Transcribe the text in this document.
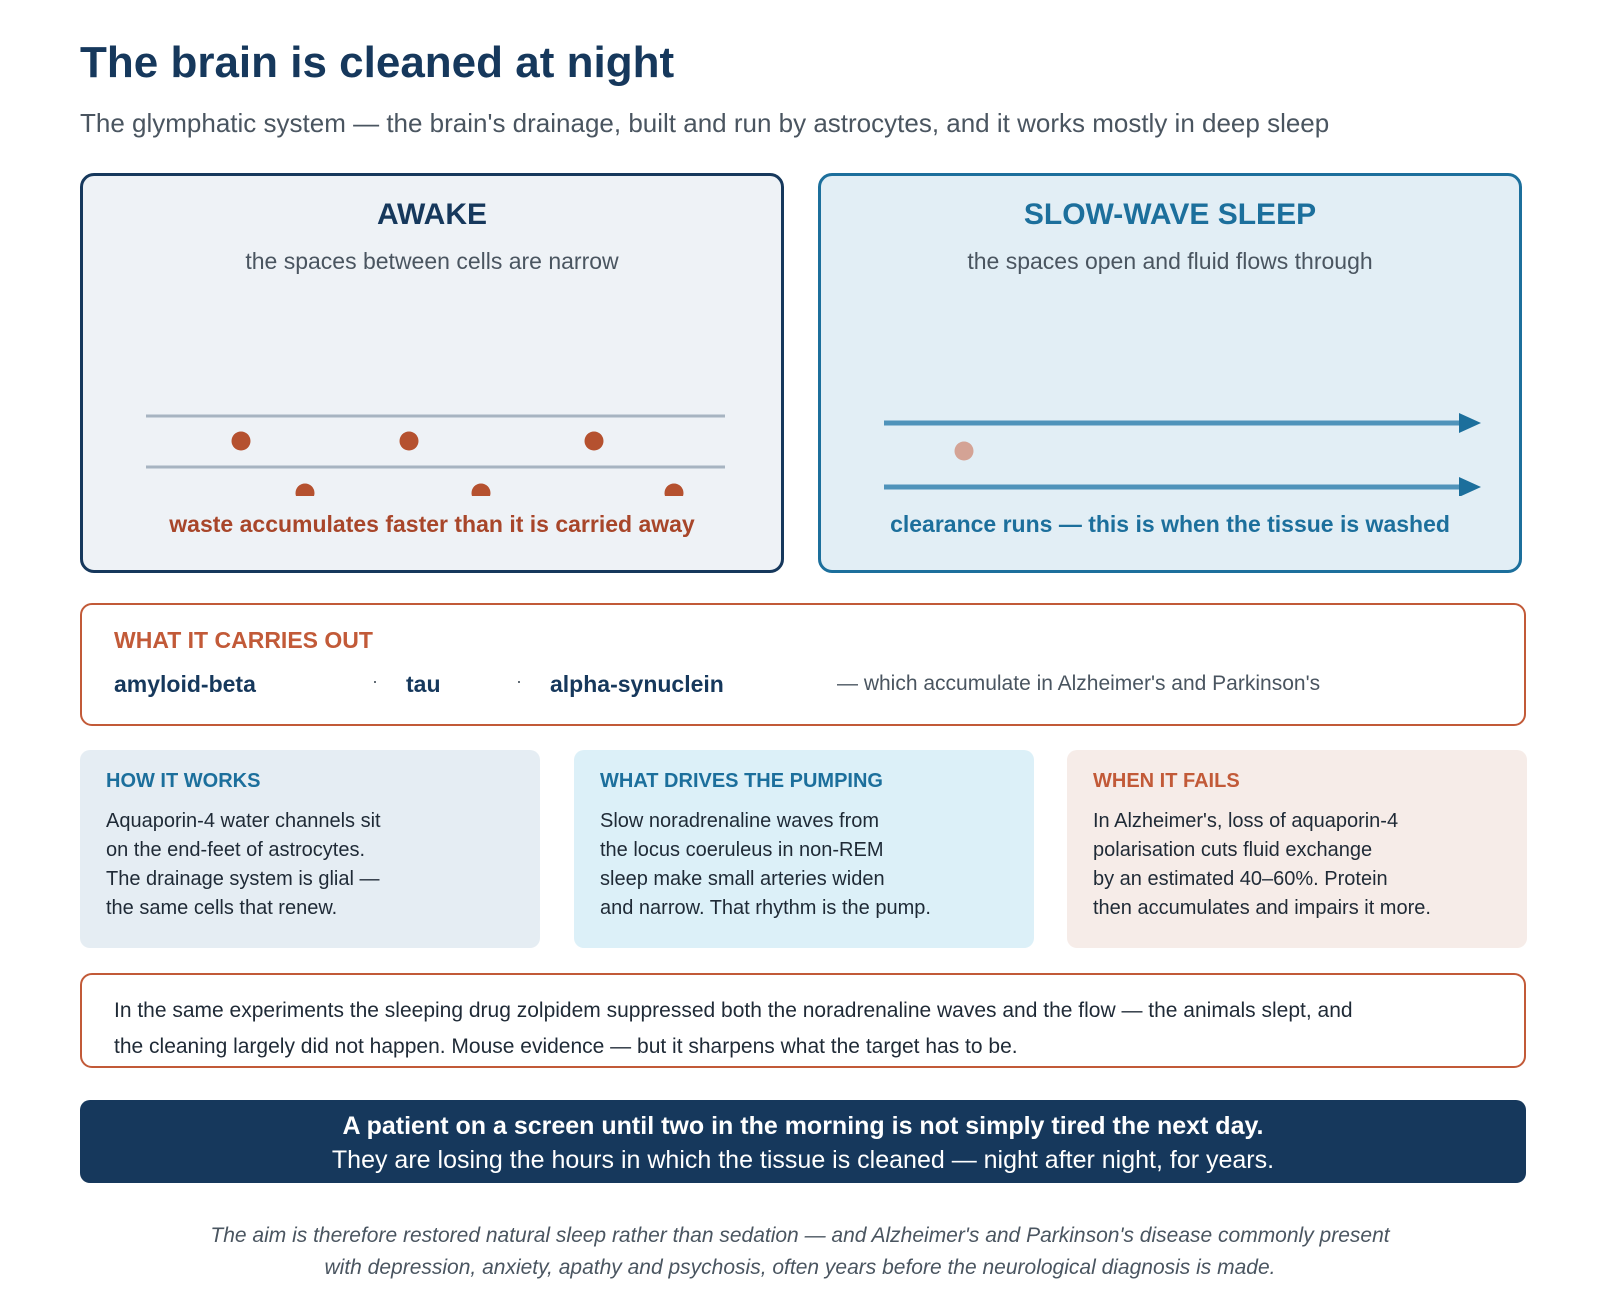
The brain is cleaned at night
The glymphatic system — the brain's drainage, built and run by astrocytes, and it works mostly in deep sleep
AWAKE
the spaces between cells are narrow
waste accumulates faster than it is carried away
SLOW-WAVE SLEEP
the spaces open and fluid flows through
clearance runs — this is when the tissue is washed
WHAT IT CARRIES OUT
amyloid-beta	· tau	· alpha-synuclein	— which accumulate in Alzheimer's and Parkinson's
HOW IT WORKS
Aquaporin-4 water channels sit
on the end-feet of astrocytes.
The drainage system is glial —
the same cells that renew.
WHAT DRIVES THE PUMPING
Slow noradrenaline waves from
the locus coeruleus in non-REM
sleep make small arteries widen
and narrow. That rhythm is the pump.
WHEN IT FAILS
In Alzheimer's, loss of aquaporin-4
polarisation cuts fluid exchange
by an estimated 40–60%. Protein
then accumulates and impairs it more.
In the same experiments the sleeping drug zolpidem suppressed both the noradrenaline waves and the flow — the animals slept, and the cleaning largely did not happen. Mouse evidence — but it sharpens what the target has to be.
A patient on a screen until two in the morning is not simply tired the next day.
They are losing the hours in which the tissue is cleaned — night after night, for years.
The aim is therefore restored natural sleep rather than sedation — and Alzheimer's and Parkinson's disease commonly present
with depression, anxiety, apathy and psychosis, often years before the neurological diagnosis is made.
